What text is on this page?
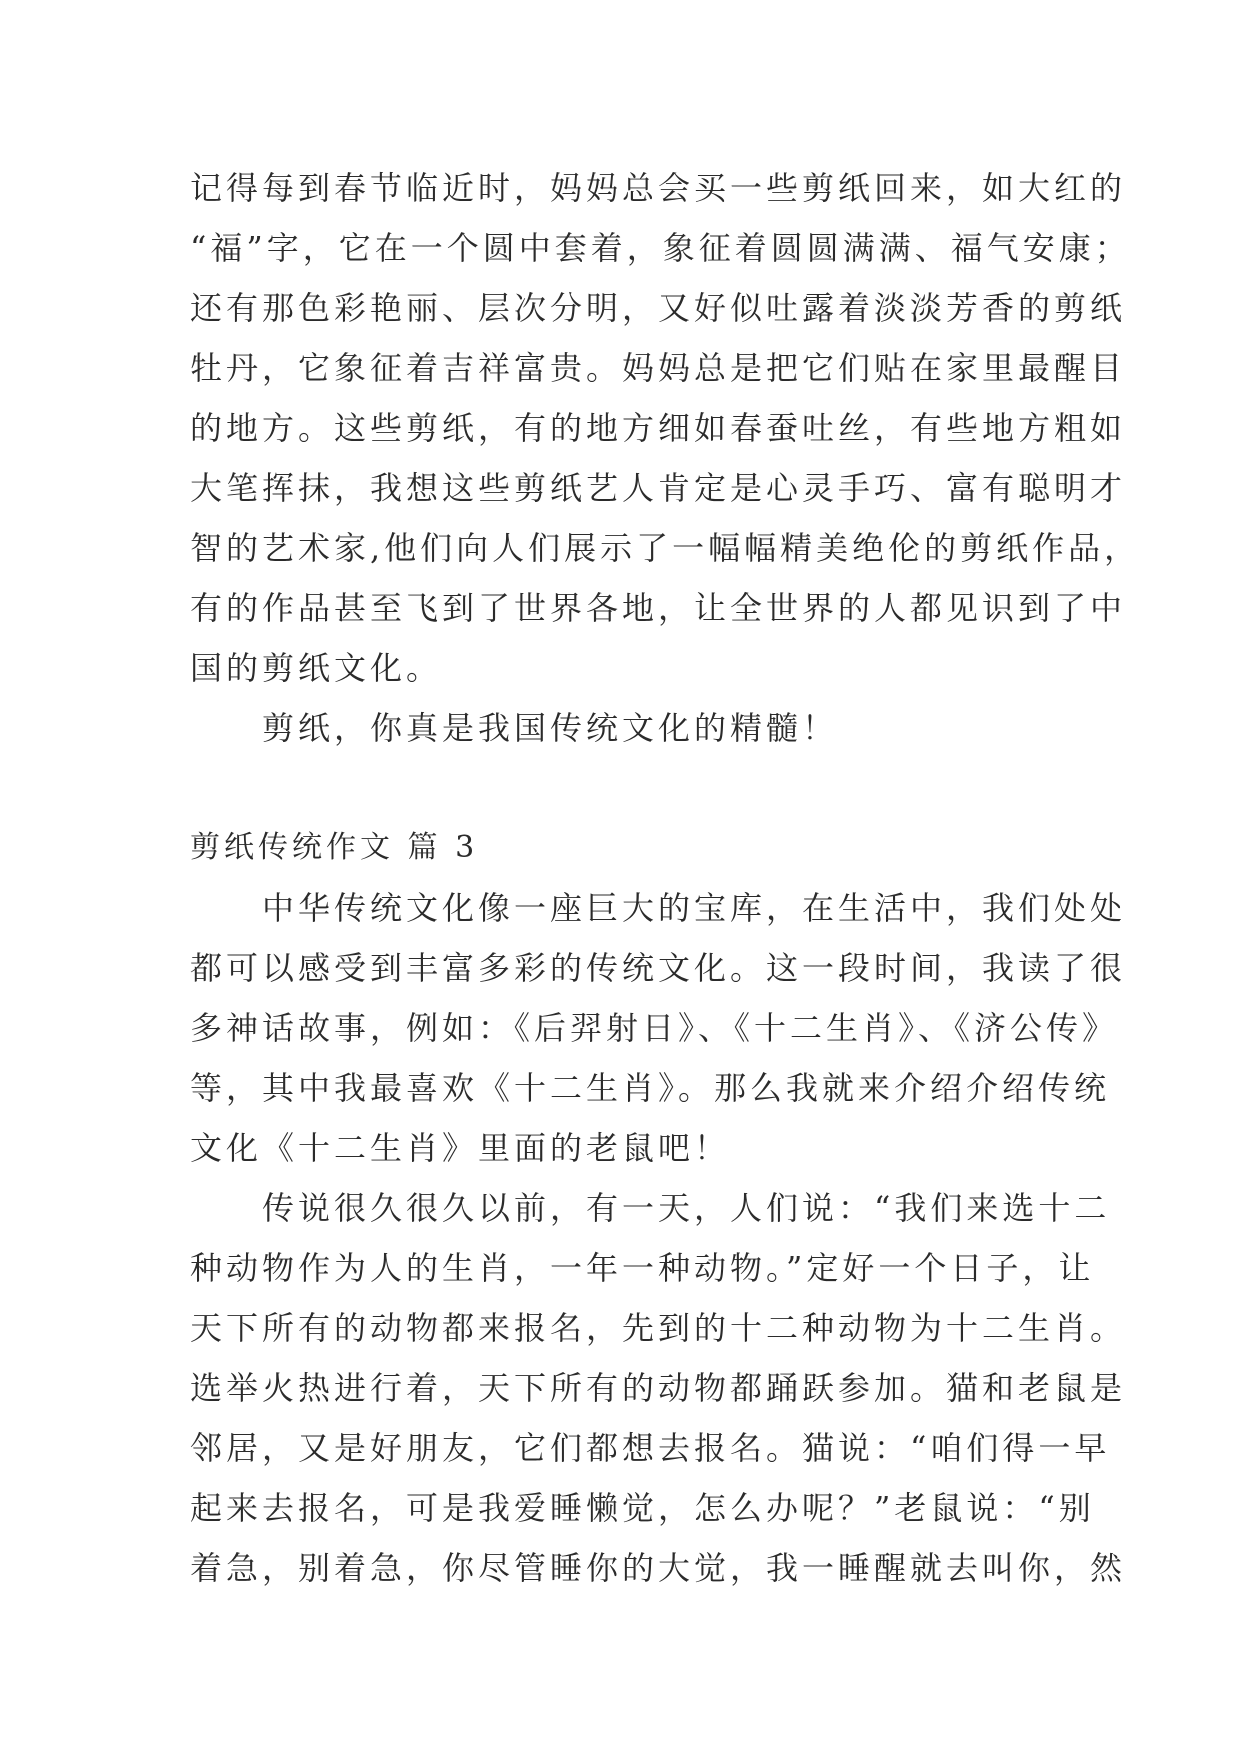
记得每到春节临近时，妈妈总会买一些剪纸回来，如大红的
“福”字，它在一个圆中套着，象征着圆圆满满、福气安康；
还有那色彩艳丽、层次分明，又好似吐露着淡淡芳香的剪纸
牡丹，它象征着吉祥富贵。妈妈总是把它们贴在家里最醒目
的地方。这些剪纸，有的地方细如春蚕吐丝，有些地方粗如
大笔挥抹，我想这些剪纸艺人肯定是心灵手巧、富有聪明才
智的艺术家,他们向人们展示了一幅幅精美绝伦的剪纸作品，
有的作品甚至飞到了世界各地，让全世界的人都见识到了中
国的剪纸文化。
　　剪纸，你真是我国传统文化的精髓！
剪纸传统作文 篇 3
　　中华传统文化像一座巨大的宝库，在生活中，我们处处
都可以感受到丰富多彩的传统文化。这一段时间，我读了很
多神话故事，例如：《后羿射日》、《十二生肖》、《济公传》
等，其中我最喜欢《十二生肖》。那么我就来介绍介绍传统
文化《十二生肖》里面的老鼠吧！
　　传说很久很久以前，有一天，人们说：“我们来选十二
种动物作为人的生肖，一年一种动物。”定好一个日子，让
天下所有的动物都来报名，先到的十二种动物为十二生肖。
选举火热进行着，天下所有的动物都踊跃参加。猫和老鼠是
邻居，又是好朋友，它们都想去报名。猫说：“咱们得一早
起来去报名，可是我爱睡懒觉，怎么办呢？”老鼠说：“别
着急，别着急，你尽管睡你的大觉，我一睡醒就去叫你，然
